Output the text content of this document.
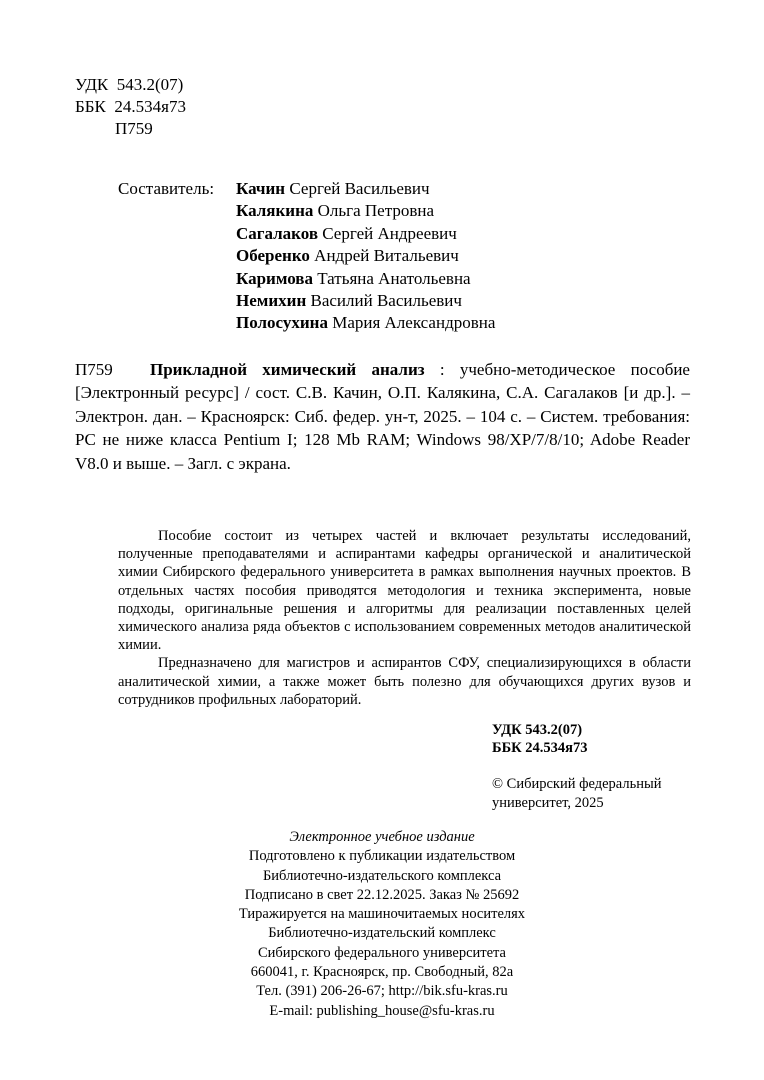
УДК 543.2(07)
ББК 24.534я73
П759
Составитель: Качин Сергей Васильевич
Калякина Ольга Петровна
Сагалаков Сергей Андреевич
Оберенко Андрей Витальевич
Каримова Татьяна Анатольевна
Немихин Василий Васильевич
Полосухина Мария Александровна
П759	Прикладной химический анализ : учебно-методическое пособие [Электронный ресурс] / сост. С.В. Качин, О.П. Калякина, С.А. Сагалаков [и др.]. – Электрон. дан. – Красноярск: Сиб. федер. ун-т, 2025. – 104 с. – Систем. требования: PC не ниже класса Pentium I; 128 Mb RAM; Windows 98/XP/7/8/10; Adobe Reader V8.0 и выше. – Загл. с экрана.

Пособие состоит из четырех частей и включает результаты исследований, полученные преподавателями и аспирантами кафедры органической и аналитической химии Сибирского федерального университета в рамках выполнения научных проектов. В отдельных частях пособия приводятся методология и техника эксперимента, новые подходы, оригинальные решения и алгоритмы для реализации поставленных целей химического анализа ряда объектов с использованием современных методов аналитической химии.

Предназначено для магистров и аспирантов СФУ, специализирующихся в области аналитической химии, а также может быть полезно для обучающихся других вузов и сотрудников профильных лабораторий.

УДК 543.2(07)
ББК 24.534я73
© Сибирский федеральный
университет, 2025
Электронное учебное издание
Подготовлено к публикации издательством
Библиотечно-издательского комплекса
Подписано в свет 22.12.2025. Заказ № 25692
Тиражируется на машиночитаемых носителях
Библиотечно-издательский комплекс
Сибирского федерального университета
660041, г. Красноярск, пр. Свободный, 82а
Тел. (391) 206-26-67; http://bik.sfu-kras.ru
E-mail: publishing_house@sfu-kras.ru
